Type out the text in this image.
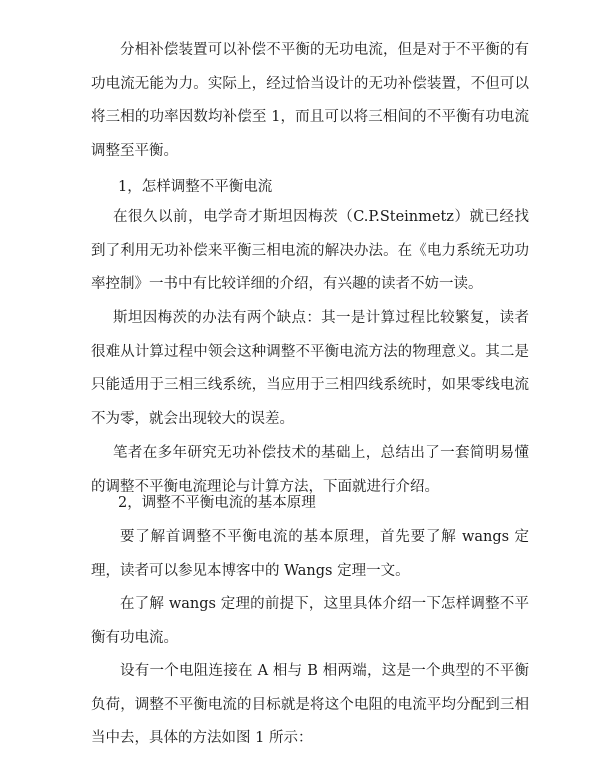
分相补偿装置可以补偿不平衡的无功电流，但是对于不平衡的有功电流无能为力。实际上，经过恰当设计的无功补偿装置，不但可以将三相的功率因数均补偿至 1，而且可以将三相间的不平衡有功电流调整至平衡。

1，怎样调整不平衡电流

在很久以前，电学奇才斯坦因梅茨（C.P.Steinmetz）就已经找到了利用无功补偿来平衡三相电流的解决办法。在《电力系统无功功率控制》一书中有比较详细的介绍，有兴趣的读者不妨一读。

斯坦因梅茨的办法有两个缺点：其一是计算过程比较繁复，读者很难从计算过程中领会这种调整不平衡电流方法的物理意义。其二是只能适用于三相三线系统，当应用于三相四线系统时，如果零线电流不为零，就会出现较大的误差。

笔者在多年研究无功补偿技术的基础上，总结出了一套简明易懂的调整不平衡电流理论与计算方法，下面就进行介绍。

2，调整不平衡电流的基本原理

要了解首调整不平衡电流的基本原理，首先要了解 wangs 定理，读者可以参见本博客中的 Wangs 定理一文。

在了解 wangs 定理的前提下，这里具体介绍一下怎样调整不平衡有功电流。

设有一个电阻连接在 A 相与 B 相两端，这是一个典型的不平衡负荷，调整不平衡电流的目标就是将这个电阻的电流平均分配到三相当中去，具体的方法如图 1 所示：
